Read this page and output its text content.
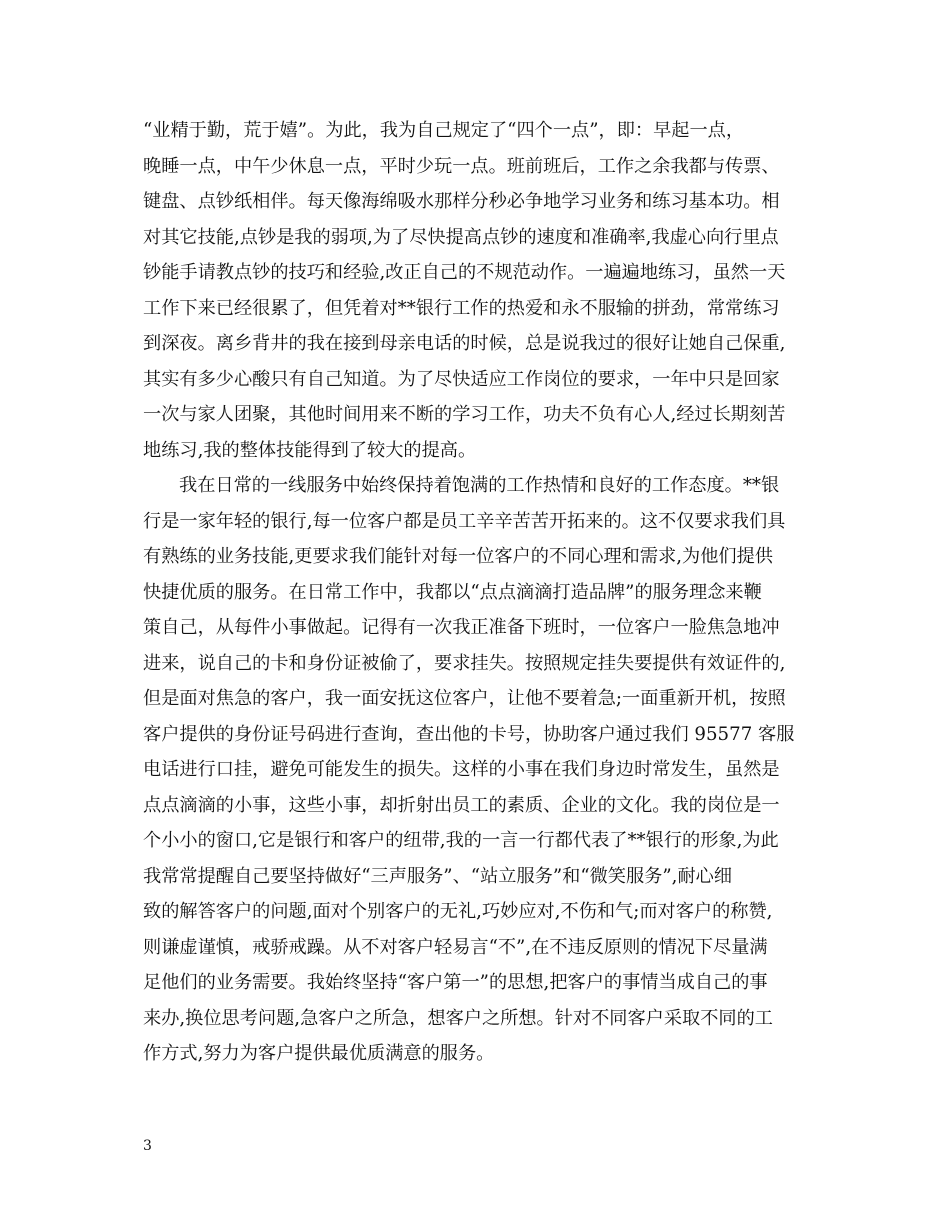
“业精于勤，荒于嬉”。为此，我为自己规定了“四个一点”，即：早起一点，
晚睡一点，中午少休息一点，平时少玩一点。班前班后，工作之余我都与传票、
键盘、点钞纸相伴。每天像海绵吸水那样分秒必争地学习业务和练习基本功。相
对其它技能,点钞是我的弱项,为了尽快提高点钞的速度和准确率,我虚心向行里点
钞能手请教点钞的技巧和经验,改正自己的不规范动作。一遍遍地练习，虽然一天
工作下来已经很累了，但凭着对**银行工作的热爱和永不服输的拼劲，常常练习
到深夜。离乡背井的我在接到母亲电话的时候，总是说我过的很好让她自己保重,
其实有多少心酸只有自己知道。为了尽快适应工作岗位的要求，一年中只是回家
一次与家人团聚，其他时间用来不断的学习工作，功夫不负有心人,经过长期刻苦
地练习,我的整体技能得到了较大的提高。
我在日常的一线服务中始终保持着饱满的工作热情和良好的工作态度。**银
行是一家年轻的银行,每一位客户都是员工辛辛苦苦开拓来的。这不仅要求我们具
有熟练的业务技能,更要求我们能针对每一位客户的不同心理和需求,为他们提供
快捷优质的服务。在日常工作中，我都以“点点滴滴打造品牌”的服务理念来鞭
策自己，从每件小事做起。记得有一次我正准备下班时，一位客户一脸焦急地冲
进来，说自己的卡和身份证被偷了，要求挂失。按照规定挂失要提供有效证件的,
但是面对焦急的客户，我一面安抚这位客户，让他不要着急;一面重新开机，按照
客户提供的身份证号码进行查询，查出他的卡号，协助客户通过我们 95577 客服
电话进行口挂，避免可能发生的损失。这样的小事在我们身边时常发生，虽然是
点点滴滴的小事，这些小事，却折射出员工的素质、企业的文化。我的岗位是一
个小小的窗口,它是银行和客户的纽带,我的一言一行都代表了**银行的形象,为此
我常常提醒自己要坚持做好“三声服务”、“站立服务”和“微笑服务”,耐心细
致的解答客户的问题,面对个别客户的无礼,巧妙应对,不伤和气;而对客户的称赞,
则谦虚谨慎，戒骄戒躁。从不对客户轻易言“不”,在不违反原则的情况下尽量满
足他们的业务需要。我始终坚持“客户第一”的思想,把客户的事情当成自己的事
来办,换位思考问题,急客户之所急，想客户之所想。针对不同客户采取不同的工
作方式,努力为客户提供最优质满意的服务。
3
